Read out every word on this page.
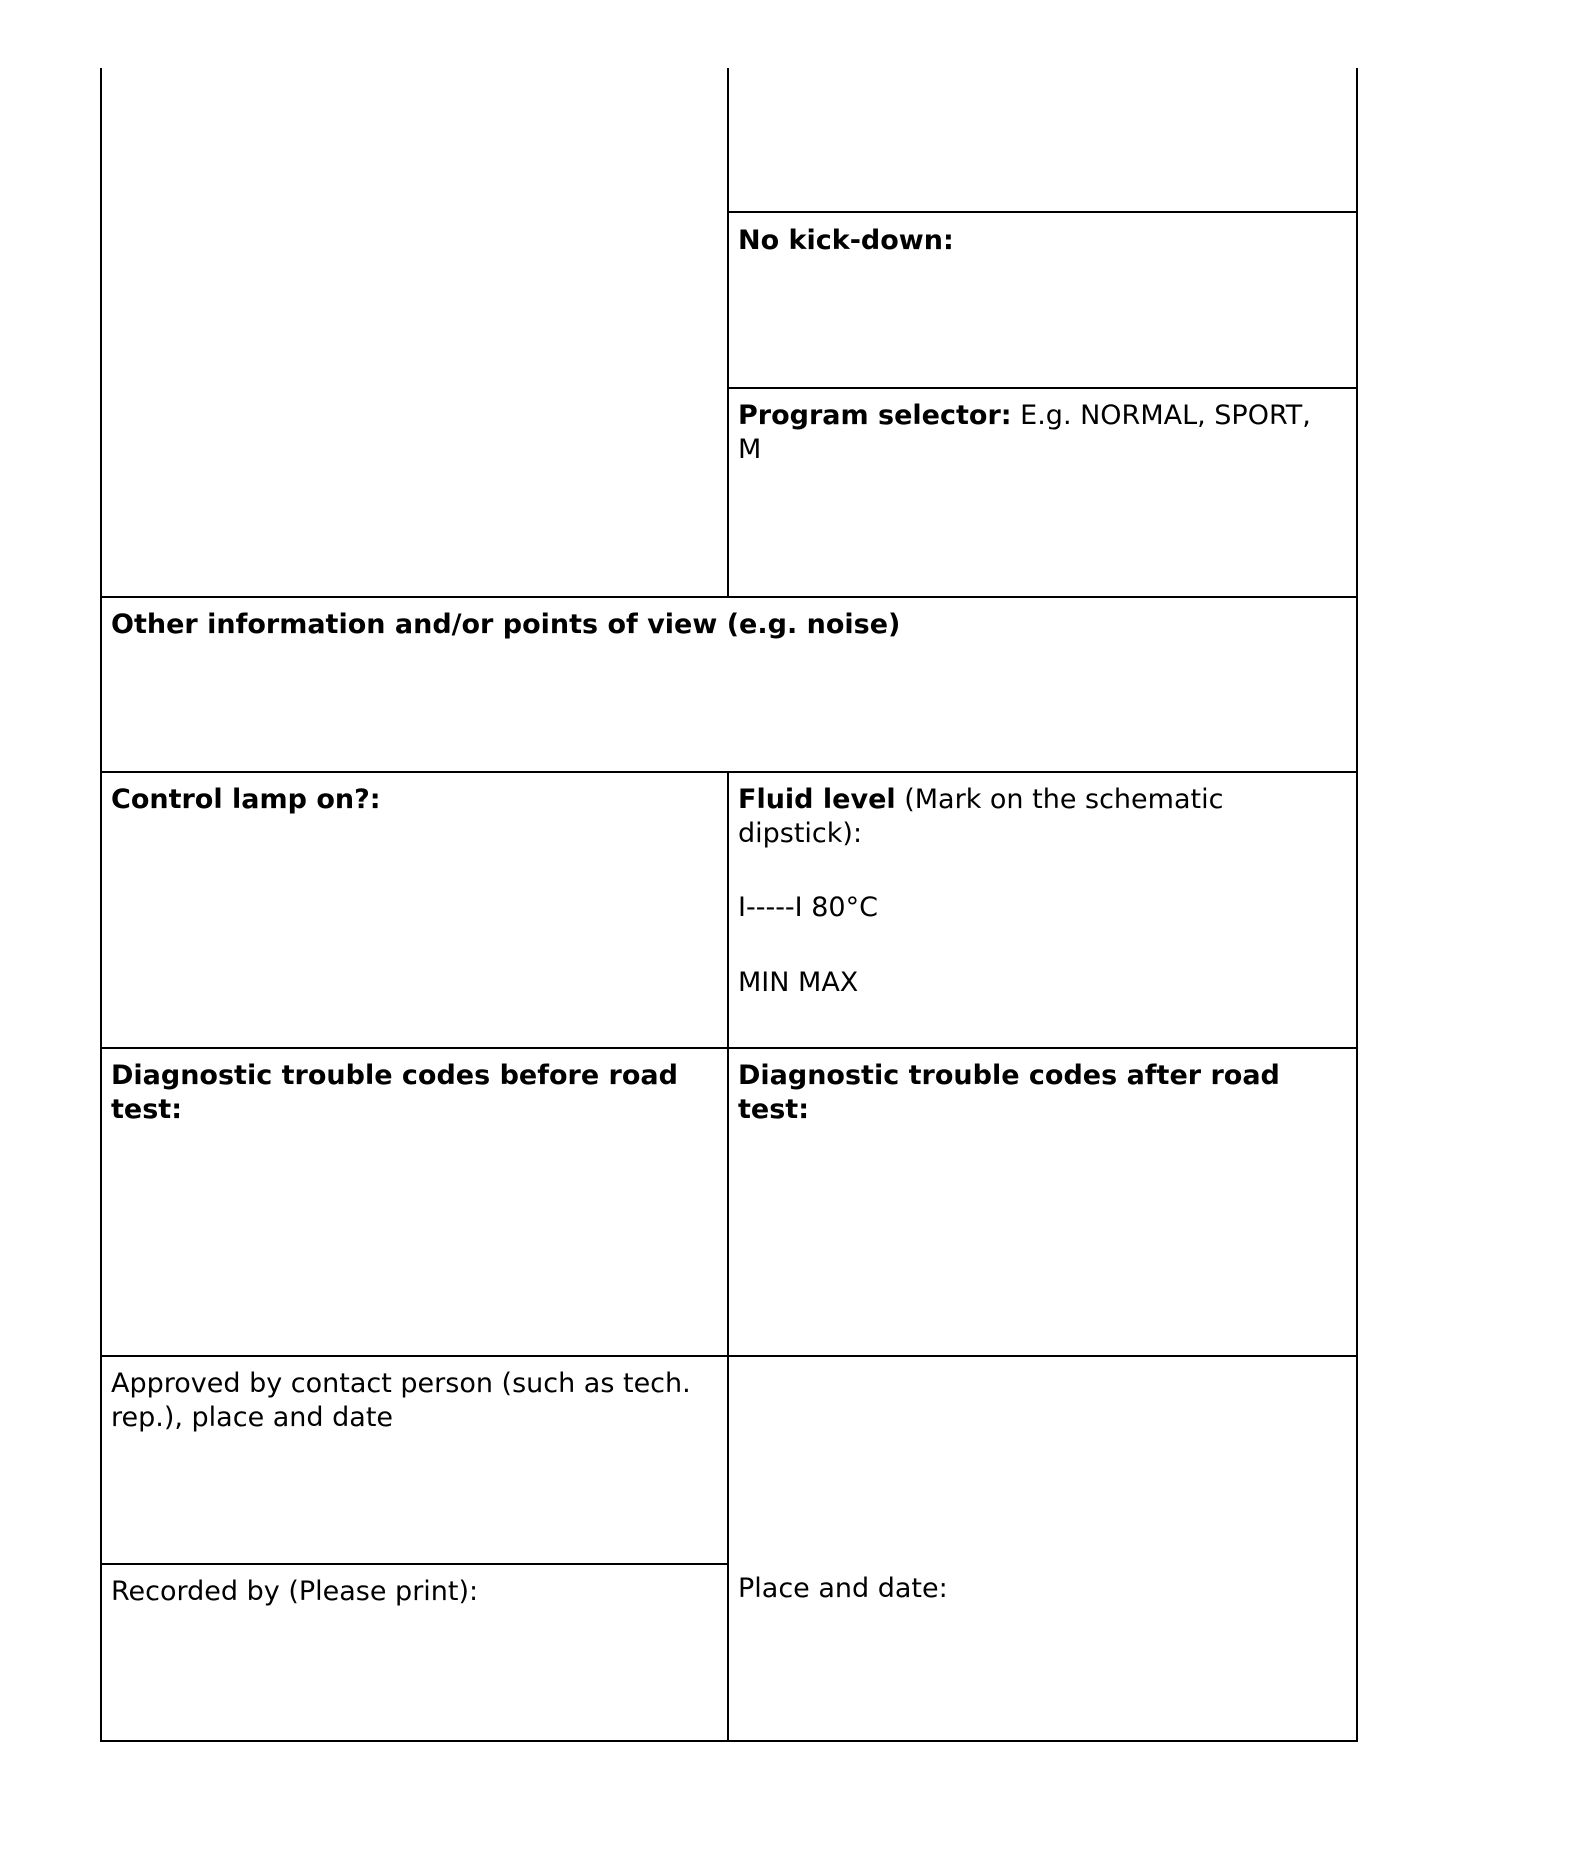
No kick-down:
Program selector: E.g. NORMAL, SPORT,
M
Other information and/or points of view (e.g. noise)
Control lamp on?:	Fluid level (Mark on the schematic
dipstick):
I-----I 80°C
MIN MAX
Diagnostic trouble codes before road
test:
Diagnostic trouble codes after road
test:
Approved by contact person (such as tech.
rep.), place and date
Recorded by (Please print):	Place and date:
